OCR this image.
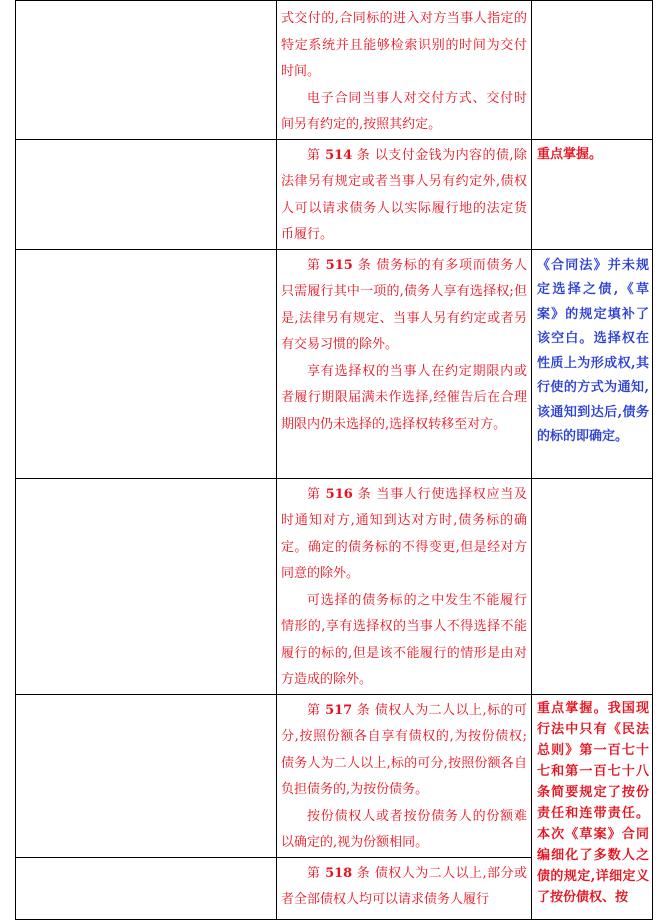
	式交付的,合同标的进入对方当事人指定的特定系统并且能够检索识别的时间为交付时间。

电子合同当事人对交付方式、交付时间另有约定的,按照其约定。	

	第 514 条 以支付金钱为内容的债,除法律另有规定或者当事人另有约定外,债权人可以请求债务人以实际履行地的法定货币履行。	重点掌握。

	第 515 条 债务标的有多项而债务人只需履行其中一项的,债务人享有选择权;但是,法律另有规定、当事人另有约定或者另有交易习惯的除外。

享有选择权的当事人在约定期限内或者履行期限届满未作选择,经催告后在合理期限内仍未选择的,选择权转移至对方。	《合同法》并未规定选择之债,《草案》的规定填补了该空白。选择权在性质上为形成权,其行使的方式为通知,该通知到达后,债务的标的即确定。

	第 516 条 当事人行使选择权应当及时通知对方,通知到达对方时,债务标的确定。确定的债务标的不得变更,但是经对方同意的除外。

可选择的债务标的之中发生不能履行情形的,享有选择权的当事人不得选择不能履行的标的,但是该不能履行的情形是由对方造成的除外。	

	第 517 条 债权人为二人以上,标的可分,按照份额各自享有债权的,为按份债权;债务人为二人以上,标的可分,按照份额各自负担债务的,为按份债务。

按份债权人或者按份债务人的份额难以确定的,视为份额相同。	重点掌握。我国现行法中只有《民法总则》第一百七十七和第一百七十八条简要规定了按份责任和连带责任。本次《草案》合同编细化了多数人之债的规定,详细定义了按份债权、按

	第 518 条 债权人为二人以上,部分或者全部债权人均可以请求债务人履行	
